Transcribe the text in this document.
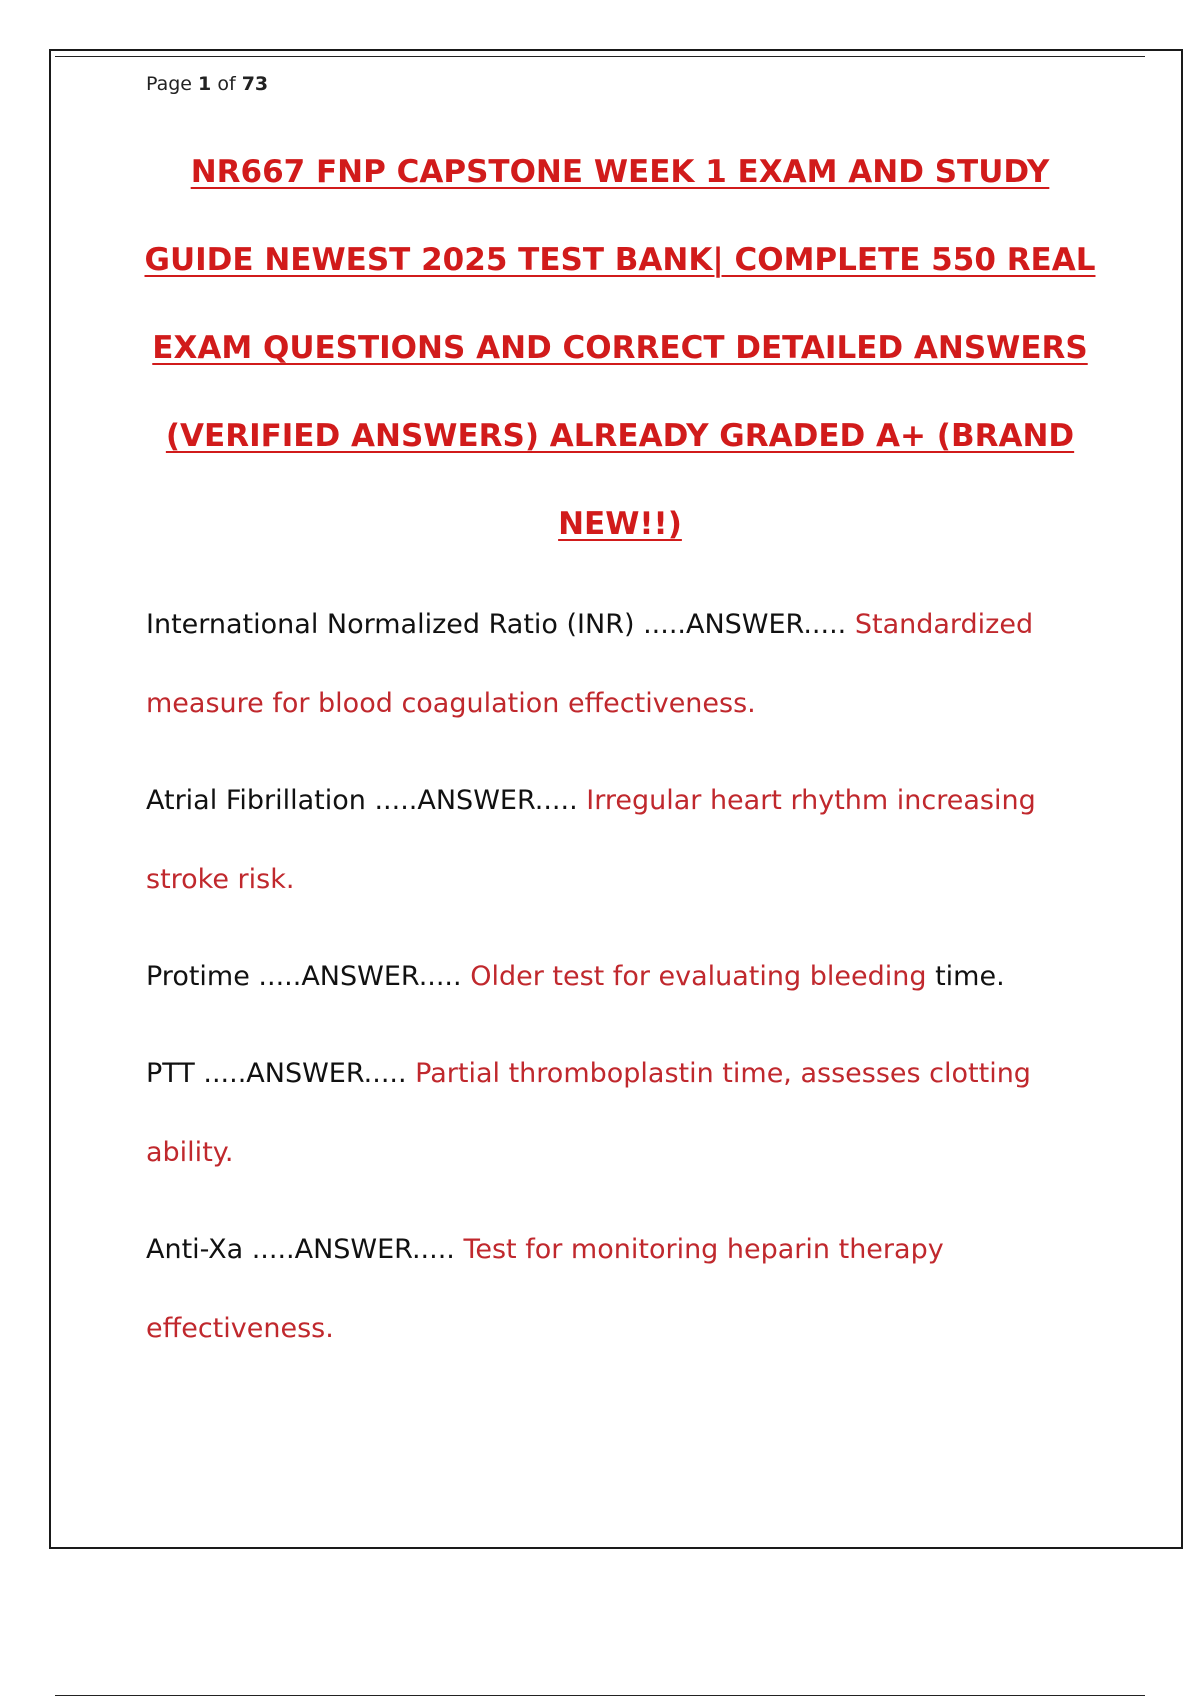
Page 1 of 73
NR667 FNP CAPSTONE WEEK 1 EXAM AND STUDY GUIDE NEWEST 2025 TEST BANK| COMPLETE 550 REAL EXAM QUESTIONS AND CORRECT DETAILED ANSWERS (VERIFIED ANSWERS) ALREADY GRADED A+ (BRAND NEW!!)

International Normalized Ratio (INR) .....ANSWER..... Standardized measure for blood coagulation effectiveness.

Atrial Fibrillation .....ANSWER..... Irregular heart rhythm increasing stroke risk.

Protime .....ANSWER..... Older test for evaluating bleeding time.

PTT .....ANSWER..... Partial thromboplastin time, assesses clotting ability.

Anti-Xa .....ANSWER..... Test for monitoring heparin therapy effectiveness.
